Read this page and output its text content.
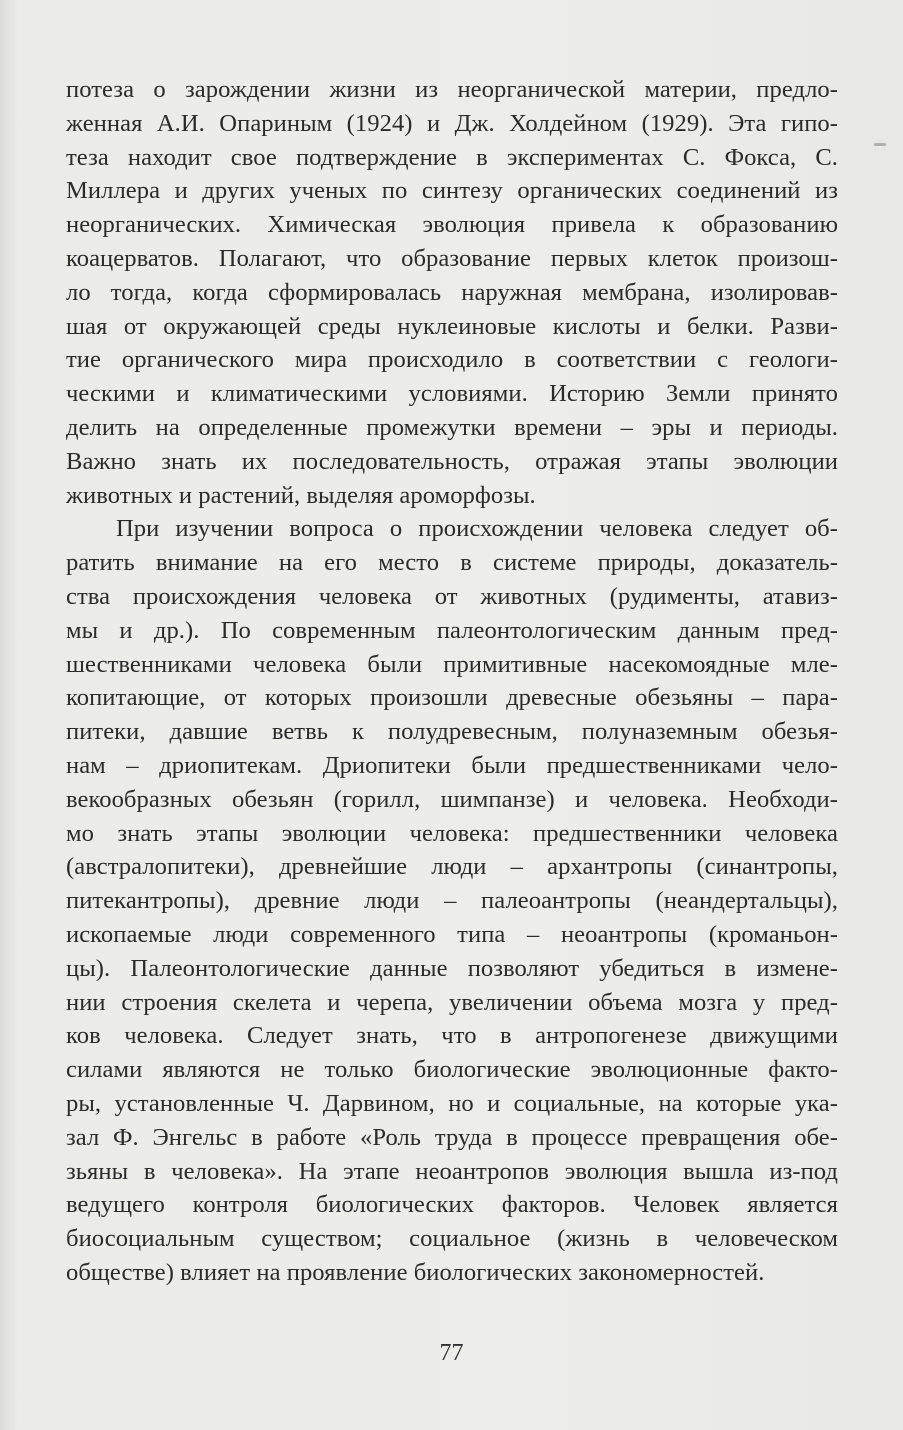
потеза о зарождении жизни из неорганической материи, предло-
женная А.И. Опариным (1924) и Дж. Холдейном (1929). Эта гипо-
теза находит свое подтверждение в экспериментах С. Фокса, С.
Миллера и других ученых по синтезу органических соединений из
неорганических. Химическая эволюция привела к образованию
коацерватов. Полагают, что образование первых клеток произош-
ло тогда, когда сформировалась наружная мембрана, изолировав-
шая от окружающей среды нуклеиновые кислоты и белки. Разви-
тие органического мира происходило в соответствии с геологи-
ческими и климатическими условиями. Историю Земли принято
делить на определенные промежутки времени – эры и периоды.
Важно знать их последовательность, отражая этапы эволюции
животных и растений, выделяя ароморфозы.
При изучении вопроса о происхождении человека следует об-
ратить внимание на его место в системе природы, доказатель-
ства происхождения человека от животных (рудименты, атавиз-
мы и др.). По современным палеонтологическим данным пред-
шественниками человека были примитивные насекомоядные мле-
копитающие, от которых произошли древесные обезьяны – пара-
питеки, давшие ветвь к полудревесным, полуназемным обезья-
нам – дриопитекам. Дриопитеки были предшественниками чело-
векообразных обезьян (горилл, шимпанзе) и человека. Необходи-
мо знать этапы эволюции человека: предшественники человека
(австралопитеки), древнейшие люди – архантропы (синантропы,
питекантропы), древние люди – палеоантропы (неандертальцы),
ископаемые люди современного типа – неоантропы (кроманьон-
цы). Палеонтологические данные позволяют убедиться в измене-
нии строения скелета и черепа, увеличении объема мозга у пред-
ков человека. Следует знать, что в антропогенезе движущими
силами являются не только биологические эволюционные факто-
ры, установленные Ч. Дарвином, но и социальные, на которые ука-
зал Ф. Энгельс в работе «Роль труда в процессе превращения обе-
зьяны в человека». На этапе неоантропов эволюция вышла из-под
ведущего контроля биологических факторов. Человек является
биосоциальным существом; социальное (жизнь в человеческом
обществе) влияет на проявление биологических закономерностей.
77
